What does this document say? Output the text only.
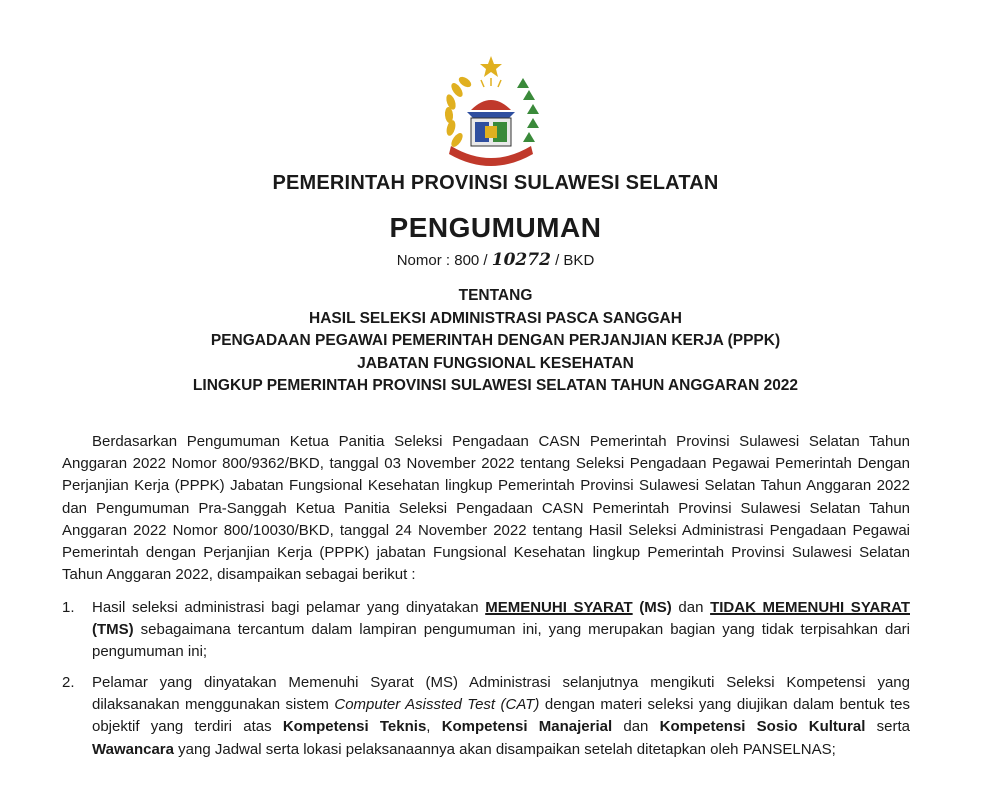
PEMERINTAH PROVINSI SULAWESI SELATAN
PENGUMUMAN
Nomor : 800 / 10272 / BKD
TENTANG
HASIL SELEKSI ADMINISTRASI PASCA SANGGAH
PENGADAAN PEGAWAI PEMERINTAH DENGAN PERJANJIAN KERJA (PPPK)
JABATAN FUNGSIONAL KESEHATAN
LINGKUP PEMERINTAH PROVINSI SULAWESI SELATAN TAHUN ANGGARAN 2022
Berdasarkan Pengumuman Ketua Panitia Seleksi Pengadaan CASN Pemerintah Provinsi Sulawesi Selatan Tahun Anggaran 2022 Nomor 800/9362/BKD, tanggal 03 November 2022 tentang Seleksi Pengadaan Pegawai Pemerintah Dengan Perjanjian Kerja (PPPK) Jabatan Fungsional Kesehatan lingkup Pemerintah Provinsi Sulawesi Selatan Tahun Anggaran 2022 dan Pengumuman Pra-Sanggah Ketua Panitia Seleksi Pengadaan CASN Pemerintah Provinsi Sulawesi Selatan Tahun Anggaran 2022 Nomor 800/10030/BKD, tanggal 24 November 2022 tentang Hasil Seleksi Administrasi Pengadaan Pegawai Pemerintah dengan Perjanjian Kerja (PPPK) jabatan Fungsional Kesehatan lingkup Pemerintah Provinsi Sulawesi Selatan Tahun Anggaran 2022, disampaikan sebagai berikut :
1.	Hasil seleksi administrasi bagi pelamar yang dinyatakan MEMENUHI SYARAT (MS) dan TIDAK MEMENUHI SYARAT (TMS) sebagaimana tercantum dalam lampiran pengumuman ini, yang merupakan bagian yang tidak terpisahkan dari pengumuman ini;
2.	Pelamar yang dinyatakan Memenuhi Syarat (MS) Administrasi selanjutnya mengikuti Seleksi Kompetensi yang dilaksanakan menggunakan sistem Computer Asissted Test (CAT) dengan materi seleksi yang diujikan dalam bentuk tes objektif yang terdiri atas Kompetensi Teknis, Kompetensi Manajerial dan Kompetensi Sosio Kultural serta Wawancara yang Jadwal serta lokasi pelaksanaannya akan disampaikan setelah ditetapkan oleh PANSELNAS;
